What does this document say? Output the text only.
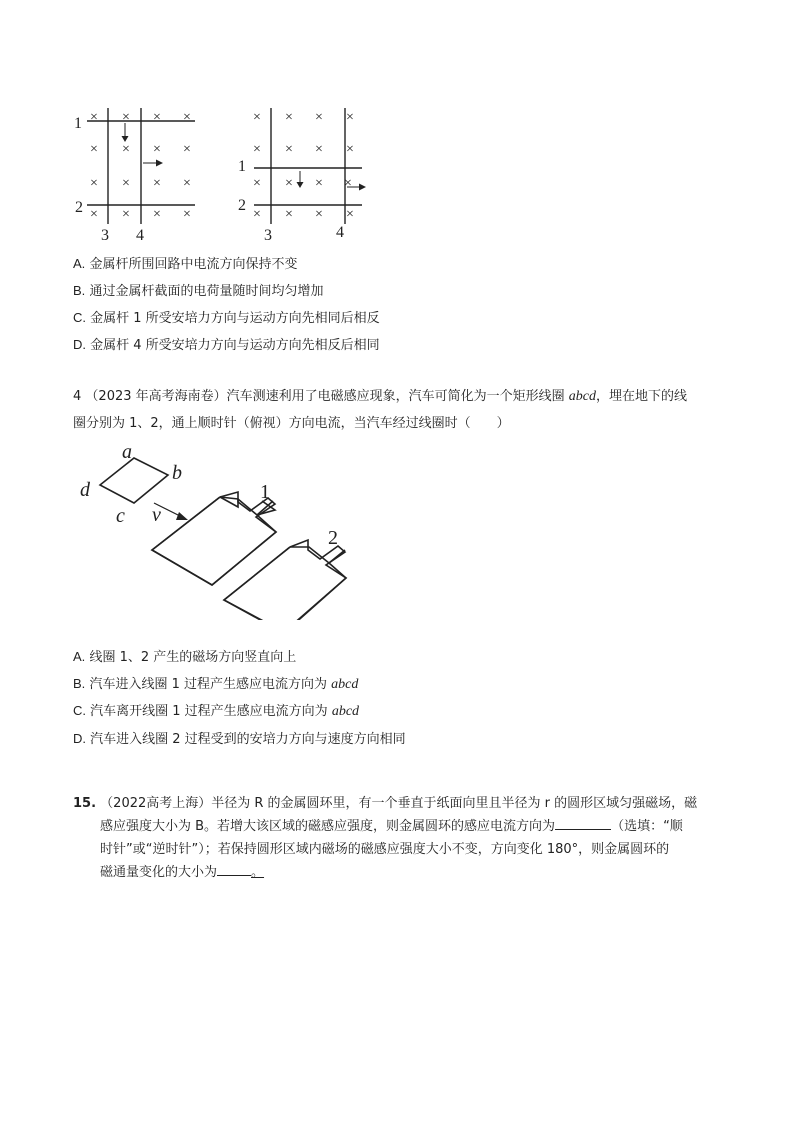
× × × ×
× × × ×
× × × ×
× × × ×
1
2
3 4
× × × ×
× × × ×
× × × ×
× × × ×
1
2
3	4
A. 金属杆所围回路中电流方向保持不变
B. 通过金属杆截面的电荷量随时间均匀增加
C. 金属杆 1 所受安培力方向与运动方向先相同后相反
D. 金属杆 4 所受安培力方向与运动方向先相反后相同
4 （2023 年高考海南卷）汽车测速利用了电磁感应现象，汽车可简化为一个矩形线圈 abcd，埋在地下的线
圈分别为 1、2，通上顺时针（俯视）方向电流，当汽车经过线圈时（　　）
a
b
c
d
v
1
2
A. 线圈 1、2 产生的磁场方向竖直向上
B. 汽车进入线圈 1 过程产生感应电流方向为 abcd
C. 汽车离开线圈 1 过程产生感应电流方向为 abcd
D. 汽车进入线圈 2 过程受到的安培力方向与速度方向相同
15. （2022高考上海）半径为 R 的金属圆环里，有一个垂直于纸面向里且半径为 r 的圆形区域匀强磁场，磁
感应强度大小为 B。若增大该区域的磁感应强度，则金属圆环的感应电流方向为	（选填：“顺
时针”或“逆时针”）；若保持圆形区域内磁场的磁感应强度大小不变，方向变化 180°，则金属圆环的
磁通量变化的大小为	。
